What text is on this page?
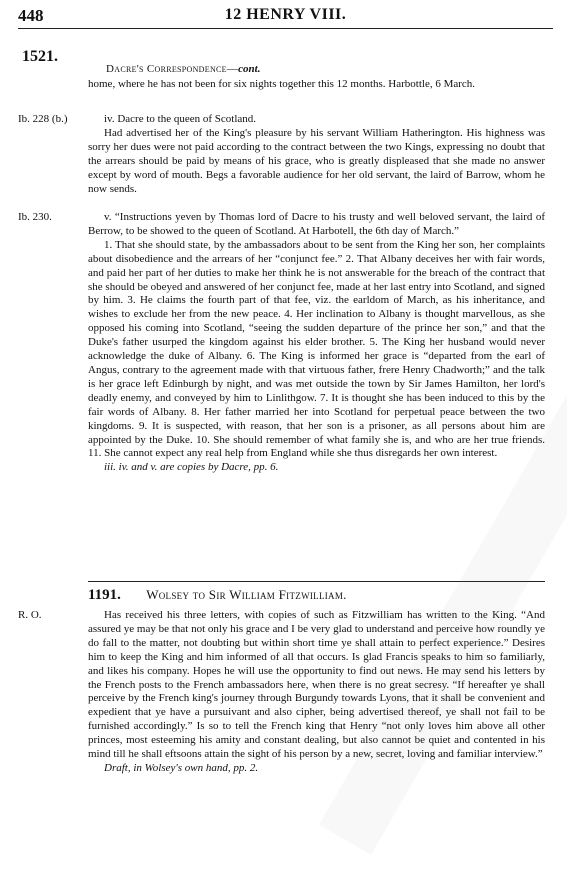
448	12 HENRY VIII.
1521.

Dacre's Correspondence—cont.

home, where he has not been for six nights together this 12 months. Harbottle, 6 March.

Ib. 228 (b.)	iv. Dacre to the queen of Scotland.

Had advertised her of the King's pleasure by his servant William Hatherington. His highness was sorry her dues were not paid according to the contract between the two Kings, expressing no doubt that the arrears should be paid by means of his grace, who is greatly displeased that she made no answer except by word of mouth. Begs a favorable audience for her old servant, the laird of Barrow, whom he now sends.

Ib. 230.	v. “Instructions yeven by Thomas lord of Dacre to his trusty and well beloved servant, the laird of Berrow, to be showed to the queen of Scotland. At Harbotell, the 6th day of March.”

1. That she should state, by the ambassadors about to be sent from the King her son, her complaints about disobedience and the arrears of her “conjunct fee.” 2. That Albany deceives her with fair words, and paid her part of her duties to make her think he is not answerable for the breach of the contract that she should be obeyed and answered of her conjunct fee, made at her last entry into Scotland, and signed by him. 3. He claims the fourth part of that fee, viz. the earldom of March, as his inheritance, and wishes to exclude her from the new peace. 4. Her inclination to Albany is thought marvellous, as she opposed his coming into Scotland, “seeing the sudden departure of the prince her son,” and that the Duke's father usurped the kingdom against his elder brother. 5. The King her husband would never acknowledge the duke of Albany. 6. The King is informed her grace is “departed from the earl of Angus, contrary to the agreement made with that virtuous father, frere Henry Chadworth;” and the talk is her grace left Edinburgh by night, and was met outside the town by Sir James Hamilton, her lord's deadly enemy, and conveyed by him to Linlithgow. 7. It is thought she has been induced to this by the fair words of Albany. 8. Her father married her into Scotland for perpetual peace between the two kingdoms. 9. It is suspected, with reason, that her son is a prisoner, as all persons about him are appointed by the Duke. 10. She should remember of what family she is, and who are her true friends. 11. She cannot expect any real help from England while she thus disregards her own interest.

iii. iv. and v. are copies by Dacre, pp. 6.

1191. Wolsey to Sir William Fitzwilliam.
R. O.	Has received his three letters, with copies of such as Fitzwilliam has written to the King. “And assured ye may be that not only his grace and I be very glad to understand and perceive how roundly ye do fall to the matter, not doubting but within short time ye shall attain to perfect experience.” Desires him to keep the King and him informed of all that occurs. Is glad Francis speaks to him so familiarly, and likes his company. Hopes he will use the opportunity to find out news. He may send his letters by the French posts to the French ambassadors here, when there is no great secresy. “If hereafter ye shall perceive by the French king's journey through Burgundy towards Lyons, that it shall be convenient and expedient that ye have a pursuivant and also cipher, being advertised thereof, ye shall not fail to be furnished accordingly.” Is so to tell the French king that Henry “not only loves him above all other princes, most esteeming his amity and constant dealing, but also cannot be quiet and contented in his mind till he shall eftsoons attain the sight of his person by a new, secret, loving and familiar interview.”

Draft, in Wolsey's own hand, pp. 2.
